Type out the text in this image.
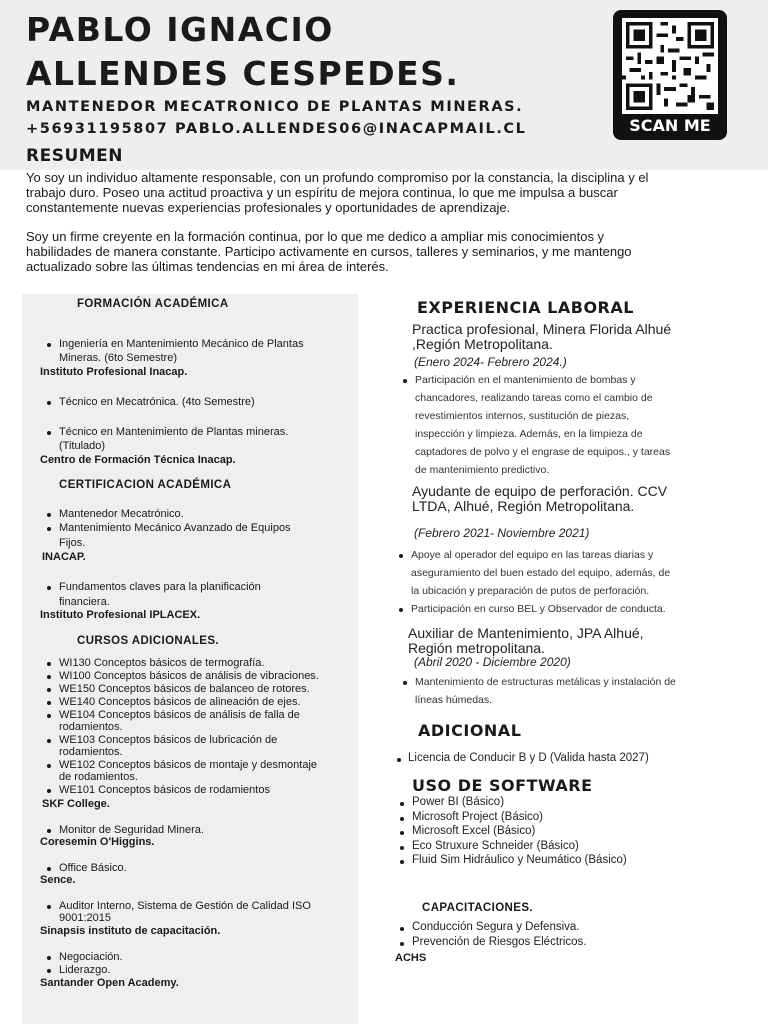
PABLO IGNACIO
ALLENDES CESPEDES.
MANTENEDOR MECATRONICO DE PLANTAS MINERAS.
+56931195807 PABLO.ALLENDES06@INACAPMAIL.CL	SCAN ME
RESUMEN
Yo soy un individuo altamente responsable, con un profundo compromiso por la constancia, la disciplina y el
trabajo duro. Poseo una actitud proactiva y un espíritu de mejora continua, lo que me impulsa a buscar
constantemente nuevas experiencias profesionales y oportunidades de aprendizaje.
Soy un firme creyente en la formación continua, por lo que me dedico a ampliar mis conocimientos y
habilidades de manera constante. Participo activamente en cursos, talleres y seminarios, y me mantengo
actualizado sobre las últimas tendencias en mi área de interés.
FORMACIÓN ACADÉMICA
Ingeniería en Mantenimiento Mecánico de Plantas
Mineras. (6to Semestre)
Instituto Profesional Inacap.
Técnico en Mecatrónica. (4to Semestre)
Técnico en Mantenimiento de Plantas mineras.
(Titulado)
Centro de Formación Técnica Inacap.
CERTIFICACION ACADÉMICA
Mantenedor Mecatrónico.
Mantenimiento Mecánico Avanzado de Equipos
Fijos.
INACAP.
Fundamentos claves para la planificación
financiera.
Instituto Profesional IPLACEX.
CURSOS ADICIONALES.
WI130 Conceptos básicos de termografía.
WI100 Conceptos básicos de análisis de vibraciones.
WE150 Conceptos básicos de balanceo de rotores.
WE140 Conceptos básicos de alineación de ejes.
WE104 Conceptos básicos de análisis de falla de
rodamientos.
WE103 Conceptos básicos de lubricación de
rodamientos.
WE102 Conceptos básicos de montaje y desmontaje
de rodamientos.
WE101 Conceptos básicos de rodamientos
SKF College.
Monitor de Seguridad Minera.
Coresemin O'Higgins.
Office Básico.
Sence.
Auditor Interno, Sistema de Gestión de Calidad ISO
9001:2015
Sinapsis instituto de capacitación.
Negociación.
Liderazgo.
Santander Open Academy.
EXPERIENCIA LABORAL
Practica profesional, Minera Florida Alhué
,Región Metropolitana.
(Enero 2024- Febrero 2024.)
Participación en el mantenimiento de bombas y
chancadores, realizando tareas como el cambio de
revestimientos internos, sustitución de piezas,
inspección y limpieza. Además, en la limpieza de
captadores de polvo y el engrase de equipos., y tareas
de mantenimiento predictivo.
Ayudante de equipo de perforación. CCV
LTDA, Alhué, Región Metropolitana.
(Febrero 2021- Noviembre 2021)
Apoye al operador del equipo en las tareas diarias y
aseguramiento del buen estado del equipo, además, de
la ubicación y preparación de putos de perforación.
Participación en curso BEL y Observador de conducta.
Auxiliar de Mantenimiento, JPA Alhué,
Región metropolitana.
(Abril 2020 - Diciembre 2020)
Mantenimiento de estructuras metálicas y instalación de
líneas húmedas.
ADICIONAL
Licencia de Conducir B y D (Valida hasta 2027)
USO DE SOFTWARE
Power BI (Básico)
Microsoft Project (Básico)
Microsoft Excel (Básico)
Eco Struxure Schneider (Básico)
Fluid Sim Hidráulico y Neumático (Básico)
CAPACITACIONES.
Conducción Segura y Defensiva.
Prevención de Riesgos Eléctricos.
ACHS
